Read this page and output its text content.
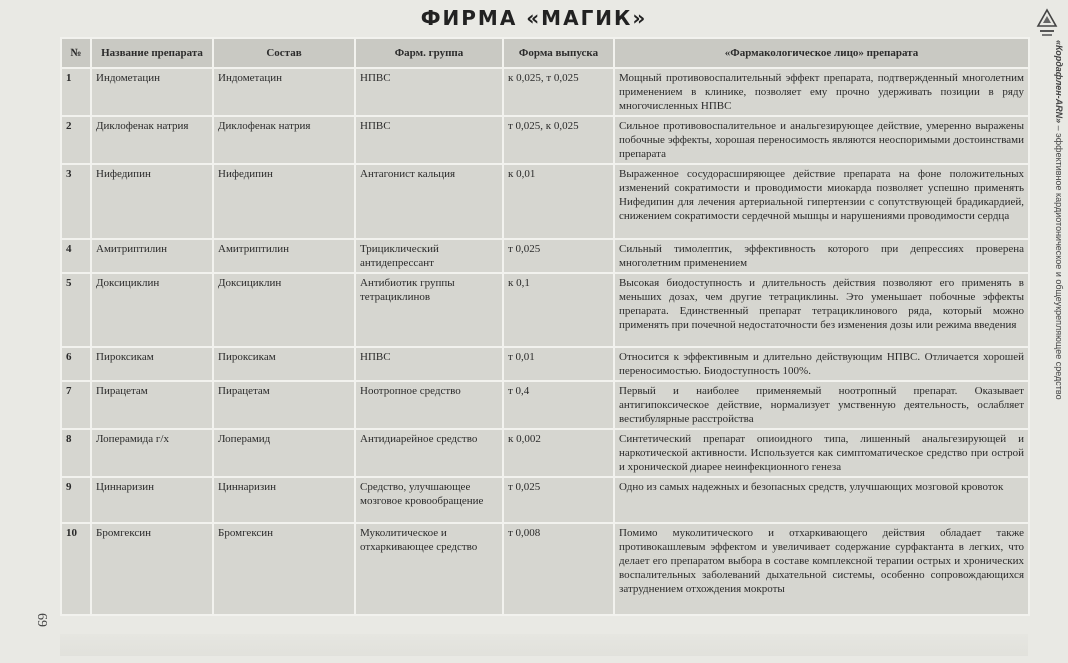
ФИРМА «МАГИК»
«Кордафлен-ARN» – эффективное кардиотоническое и общеукрепляющее средство
№	Название препарата	Состав	Фарм. группа	Форма выпуска	«Фармакологическое лицо» препарата
1	Индометацин	Индометацин	НПВС	к 0,025, т 0,025	Мощный противовоспалительный эффект препарата, подтвержденный многолетним применением в клинике, позволяет ему прочно удерживать позиции в ряду многочисленных НПВС
2	Диклофенак натрия	Диклофенак натрия	НПВС	т 0,025, к 0,025	Сильное противовоспалительное и анальгезирующее действие, умеренно выражены побочные эффекты, хорошая переносимость являются неоспоримыми достоинствами препарата
3	Нифедипин	Нифедипин	Антагонист кальция	к 0,01	Выраженное сосудорасширяющее действие препарата на фоне положительных изменений сократимости и проводимости миокарда позволяет успешно применять Нифедипин для лечения артериальной гипертензии с сопутствующей брадикардией, снижением сократимости сердечной мышцы и нарушениями проводимости сердца
4	Амитриптилин	Амитриптилин	Трициклический антидепрессант	т 0,025	Сильный тимолептик, эффективность которого при депрессиях проверена многолетним применением
5	Доксициклин	Доксициклин	Антибиотик группы тетрациклинов	к 0,1	Высокая биодоступность и длительность действия позволяют его применять в меньших дозах, чем другие тетрациклины. Это уменьшает побочные эффекты препарата. Единственный препарат тетрациклинового ряда, который можно применять при почечной недостаточности без изменения дозы или режима введения
6	Пироксикам	Пироксикам	НПВС	т 0,01	Относится к эффективным и длительно действующим НПВС. Отличается хорошей переносимостью. Биодоступность 100%.
7	Пирацетам	Пирацетам	Ноотропное средство	т 0,4	Первый и наиболее применяемый ноотропный препарат. Оказывает антигипоксическое действие, нормализует умственную деятельность, ослабляет вестибулярные расстройства
8	Лоперамида г/х	Лоперамид	Антидиарейное средство	к 0,002	Синтетический препарат опиоидного типа, лишенный анальгезирующей и наркотической активности. Используется как симптоматическое средство при острой и хронической диарее неинфекционного генеза
9	Циннаризин	Циннаризин	Средство, улучшающее мозговое кровообращение	т 0,025	Одно из самых надежных и безопасных средств, улучшающих мозговой кровоток
10	Бромгексин	Бромгексин	Муколитическое и отхаркивающее средство	т 0,008	Помимо муколитического и отхаркивающего действия обладает также противокашлевым эффектом и увеличивает содержание сурфактанта в легких, что делает его препаратом выбора в составе комплексной терапии острых и хронических воспалительных заболеваний дыхательной системы, особенно сопровождающихся затруднением отхождения мокроты
69
